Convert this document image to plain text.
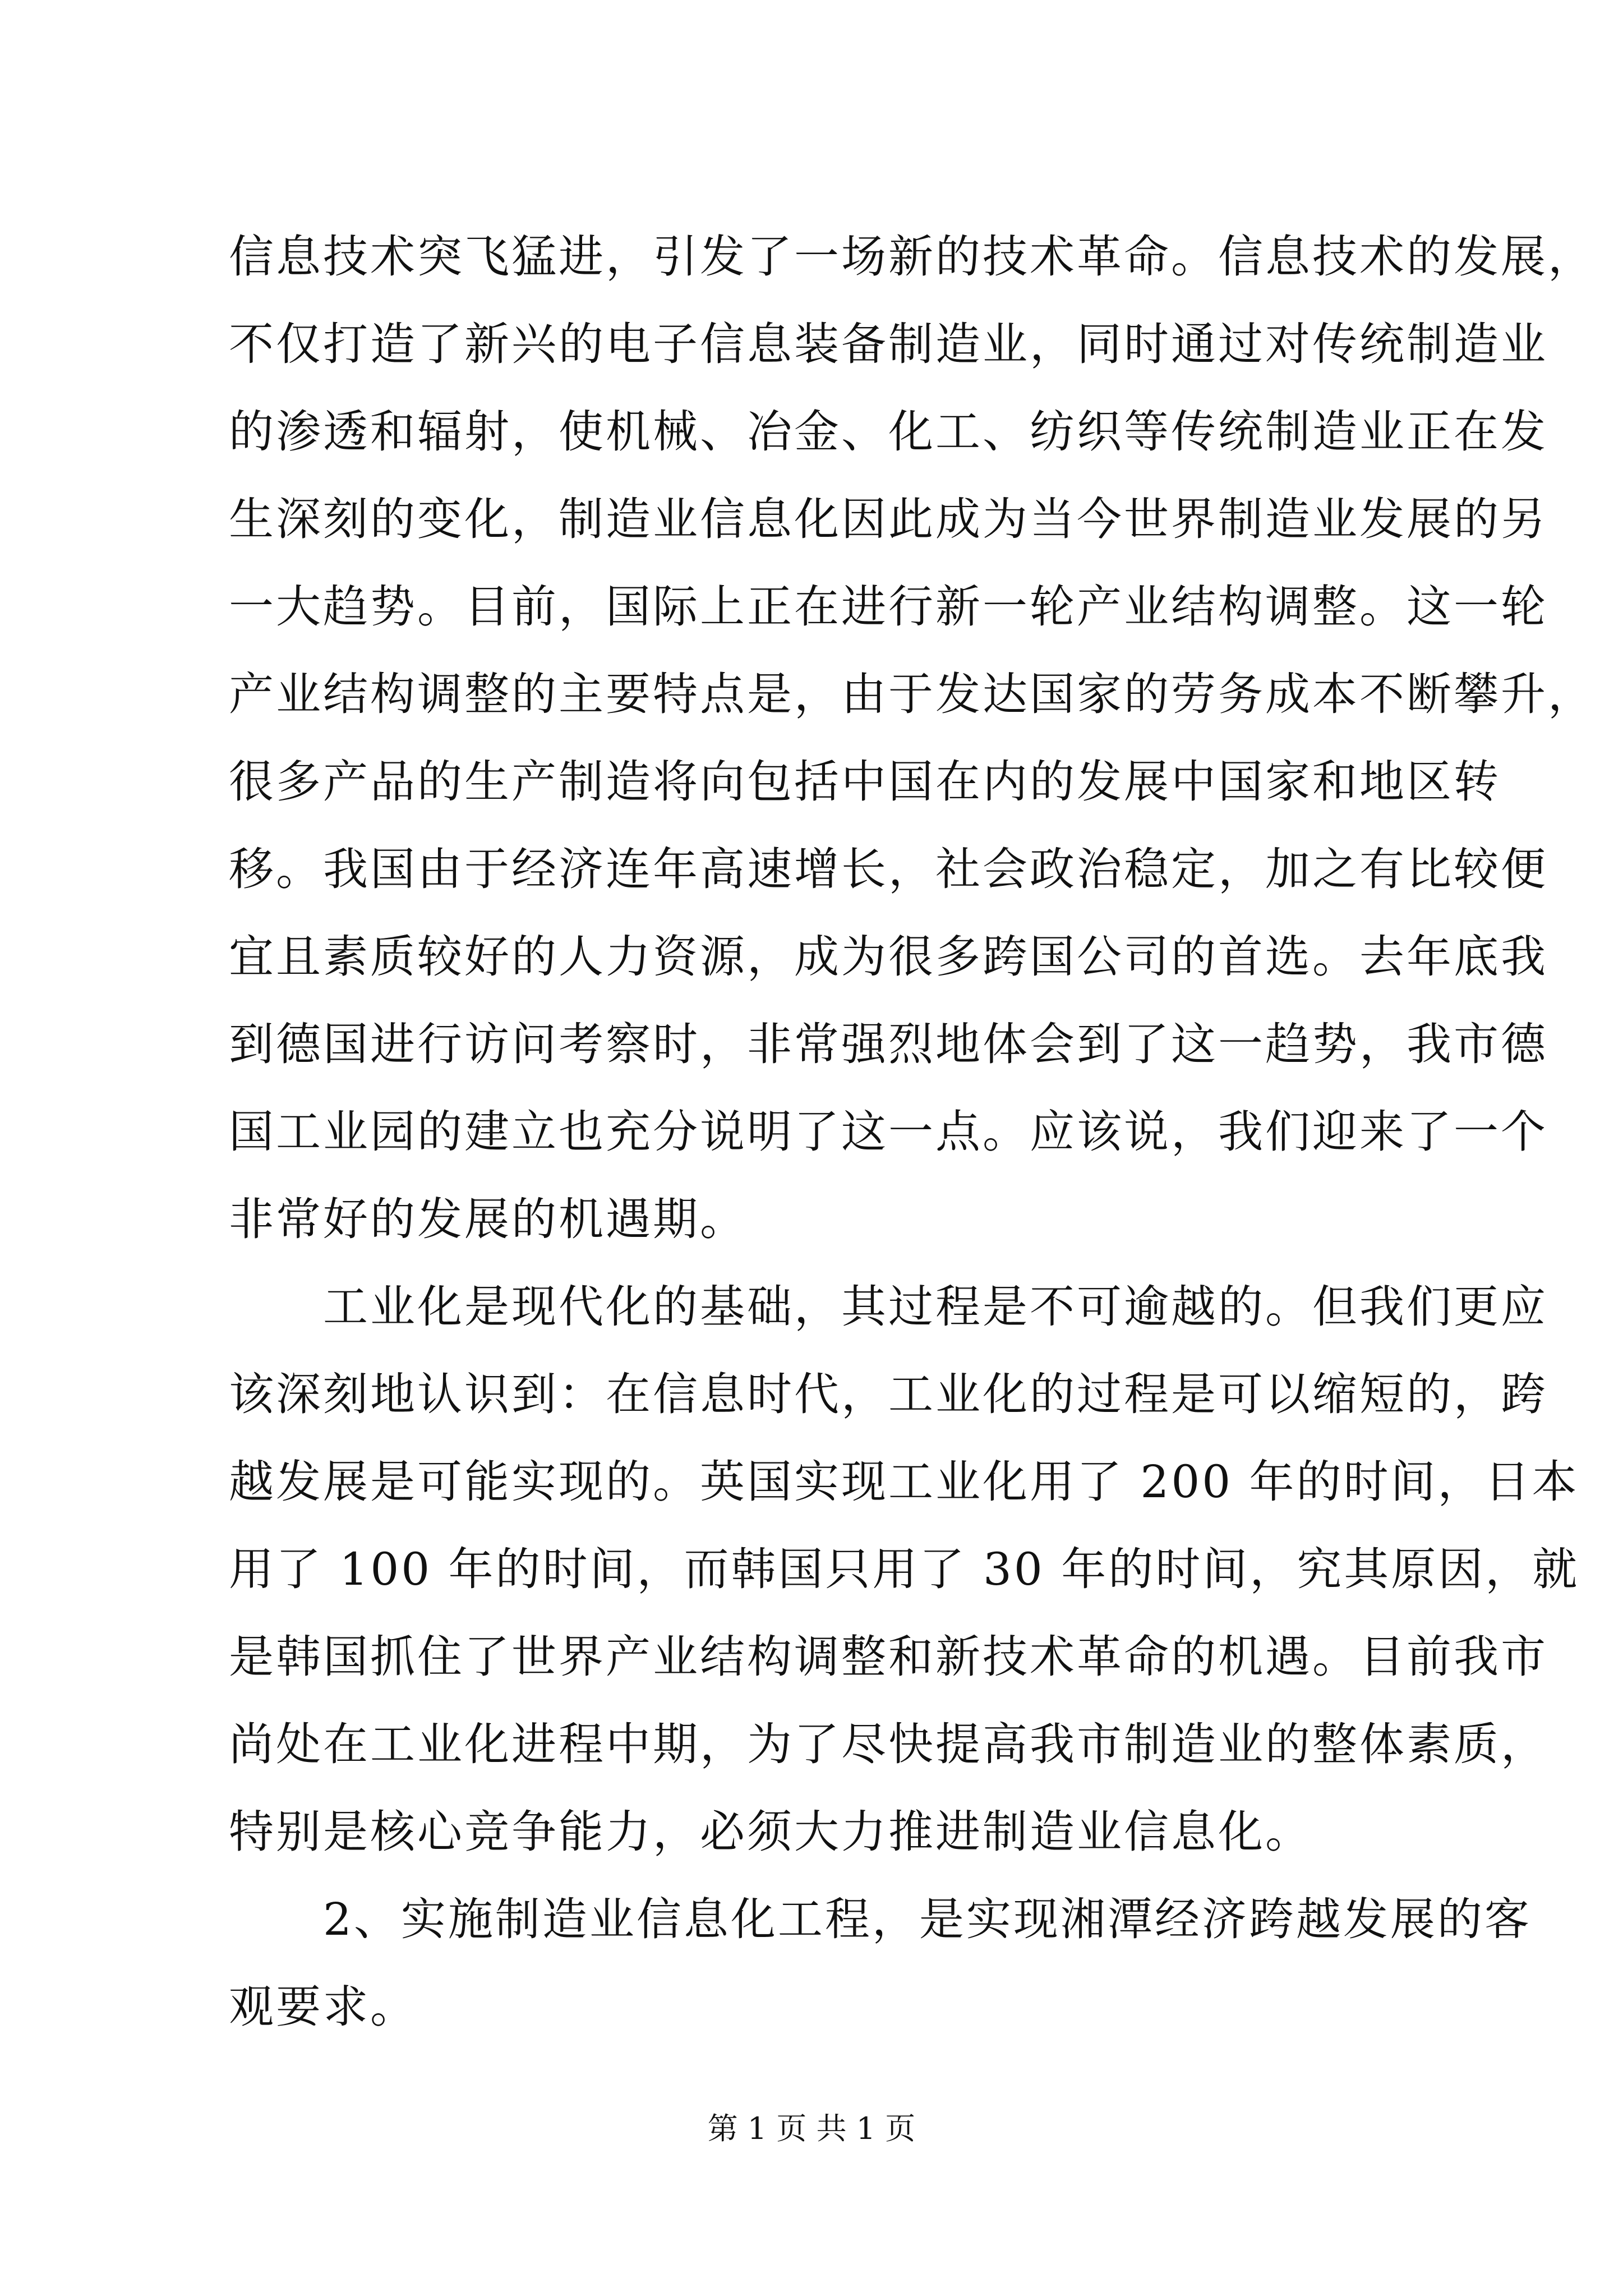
信息技术突飞猛进，引发了一场新的技术革命。信息技术的发展，
不仅打造了新兴的电子信息装备制造业，同时通过对传统制造业
的渗透和辐射，使机械、冶金、化工、纺织等传统制造业正在发
生深刻的变化，制造业信息化因此成为当今世界制造业发展的另
一大趋势。目前，国际上正在进行新一轮产业结构调整。这一轮
产业结构调整的主要特点是，由于发达国家的劳务成本不断攀升，
很多产品的生产制造将向包括中国在内的发展中国家和地区转
移。我国由于经济连年高速增长，社会政治稳定，加之有比较便
宜且素质较好的人力资源，成为很多跨国公司的首选。去年底我
到德国进行访问考察时，非常强烈地体会到了这一趋势，我市德
国工业园的建立也充分说明了这一点。应该说，我们迎来了一个
非常好的发展的机遇期。
　　工业化是现代化的基础，其过程是不可逾越的。但我们更应
该深刻地认识到：在信息时代，工业化的过程是可以缩短的，跨
越发展是可能实现的。英国实现工业化用了 200 年的时间，日本
用了 100 年的时间，而韩国只用了 30 年的时间，究其原因，就
是韩国抓住了世界产业结构调整和新技术革命的机遇。目前我市
尚处在工业化进程中期，为了尽快提高我市制造业的整体素质，
特别是核心竞争能力，必须大力推进制造业信息化。
　　2、实施制造业信息化工程，是实现湘潭经济跨越发展的客
观要求。
第 1 页 共 1 页
